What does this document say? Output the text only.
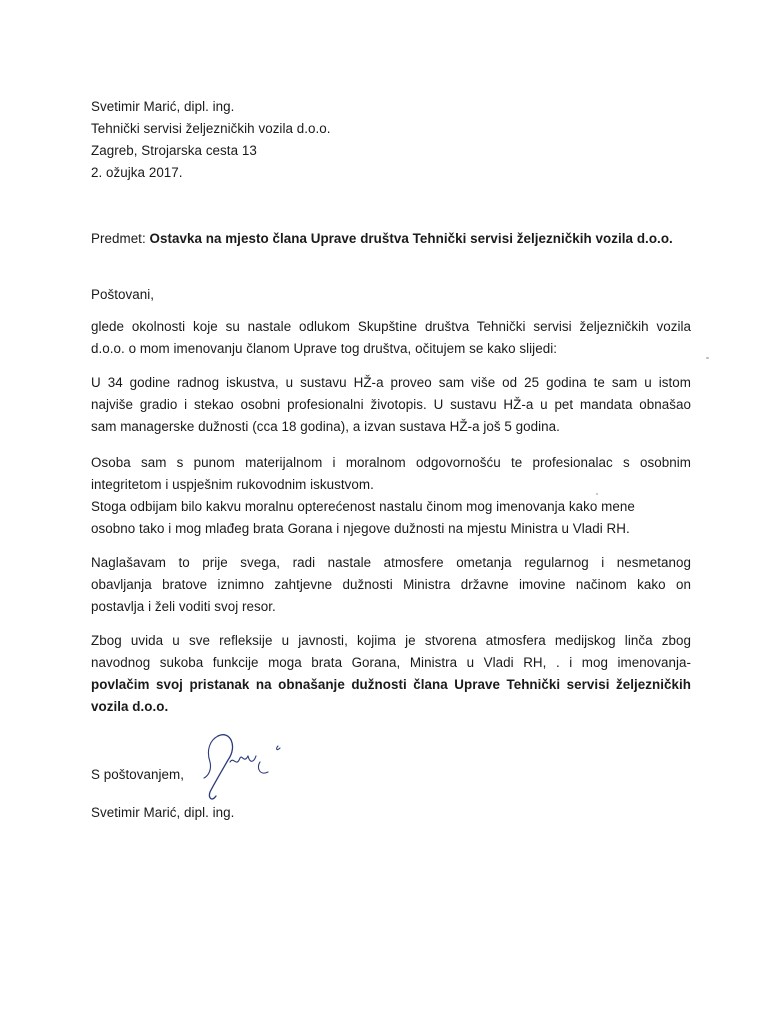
Svetimir Marić, dipl. ing.
Tehnički servisi željezničkih vozila d.o.o.
Zagreb, Strojarska cesta 13
2. ožujka 2017.
Predmet: Ostavka na mjesto člana Uprave društva Tehnički servisi željezničkih vozila d.o.o.
Poštovani,
glede okolnosti koje su nastale odlukom Skupštine društva Tehnički servisi željezničkih vozila
d.o.o. o mom imenovanju članom Uprave tog društva, očitujem se kako slijedi:
U 34 godine radnog iskustva, u sustavu HŽ-a proveo sam više od 25 godina te sam u istom
najviše gradio i stekao osobni profesionalni životopis. U sustavu HŽ-a u pet mandata obnašao
sam managerske dužnosti (cca 18 godina), a izvan sustava HŽ-a još 5 godina.
Osoba sam s punom materijalnom i moralnom odgovornošću te profesionalac s osobnim
integritetom i uspješnim rukovodnim iskustvom.
Stoga odbijam bilo kakvu moralnu opterećenost nastalu činom mog imenovanja kako mene
osobno tako i mog mlađeg brata Gorana i njegove dužnosti na mjestu Ministra u Vladi RH.
Naglašavam to prije svega, radi nastale atmosfere ometanja regularnog i nesmetanog
obavljanja bratove iznimno zahtjevne dužnosti Ministra državne imovine načinom kako on
postavlja i želi voditi svoj resor.
Zbog uvida u sve refleksije u javnosti, kojima je stvorena atmosfera medijskog linča zbog
navodnog sukoba funkcije moga brata Gorana, Ministra u Vladi RH, . i mog imenovanja-
povlačim svoj pristanak na obnašanje dužnosti člana Uprave Tehnički servisi željezničkih
vozila d.o.o.
S poštovanjem,
Svetimir Marić, dipl. ing.
